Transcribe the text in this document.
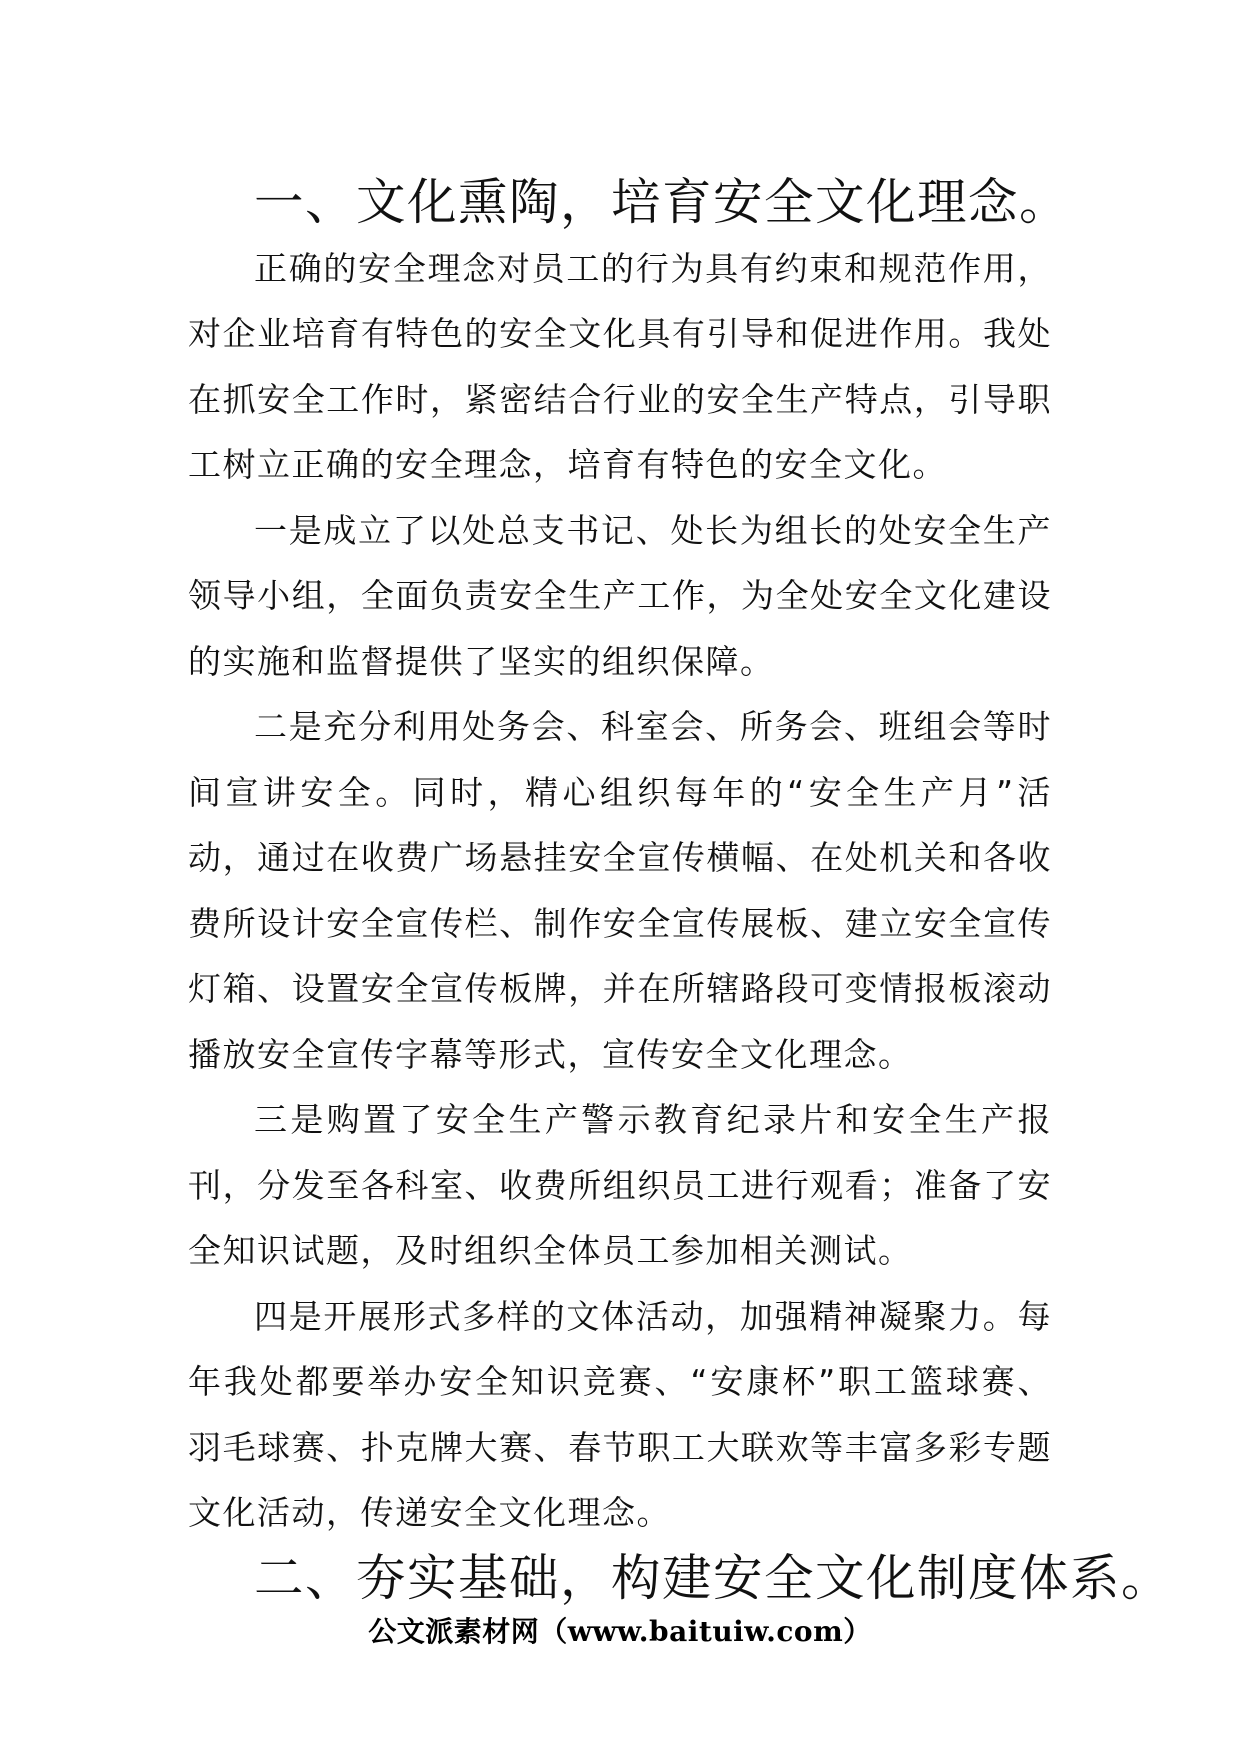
一、文化熏陶，培育安全文化理念。

正确的安全理念对员工的行为具有约束和规范作用，对企业培育有特色的安全文化具有引导和促进作用。我处在抓安全工作时，紧密结合行业的安全生产特点，引导职工树立正确的安全理念，培育有特色的安全文化。

一是成立了以处总支书记、处长为组长的处安全生产领导小组，全面负责安全生产工作，为全处安全文化建设的实施和监督提供了坚实的组织保障。

二是充分利用处务会、科室会、所务会、班组会等时间宣讲安全。同时，精心组织每年的“安全生产月”活动，通过在收费广场悬挂安全宣传横幅、在处机关和各收费所设计安全宣传栏、制作安全宣传展板、建立安全宣传灯箱、设置安全宣传板牌，并在所辖路段可变情报板滚动播放安全宣传字幕等形式，宣传安全文化理念。

三是购置了安全生产警示教育纪录片和安全生产报刊，分发至各科室、收费所组织员工进行观看；准备了安全知识试题，及时组织全体员工参加相关测试。

四是开展形式多样的文体活动，加强精神凝聚力。每年我处都要举办安全知识竞赛、“安康杯”职工篮球赛、羽毛球赛、扑克牌大赛、春节职工大联欢等丰富多彩专题文化活动，传递安全文化理念。

二、夯实基础，构建安全文化制度体系。
公文派素材网（www.baituiw.com）
